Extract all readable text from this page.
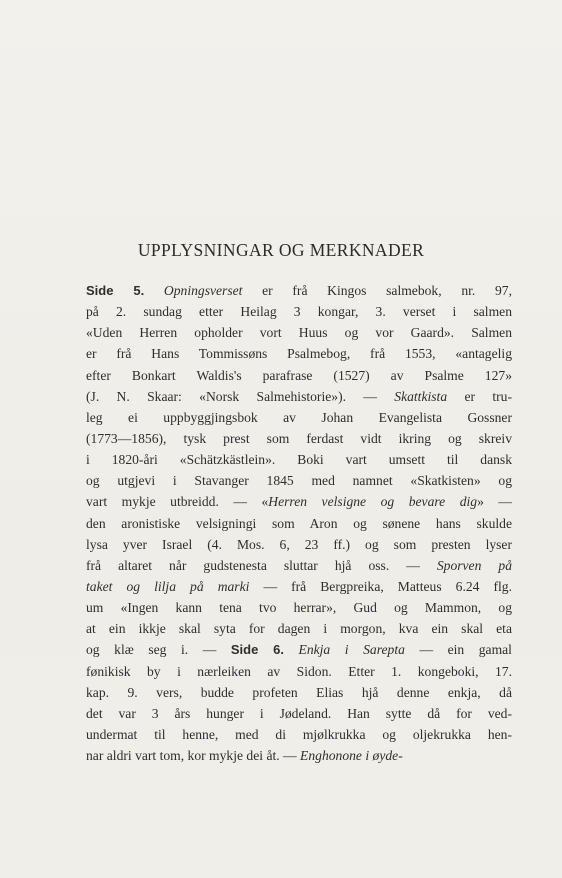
UPPLYSNINGAR OG MERKNADER
Side 5. Opningsverset er frå Kingos salmebok, nr. 97,
på 2. sundag etter Heilag 3 kongar, 3. verset i salmen
«Uden Herren opholder vort Huus og vor Gaard». Salmen
er frå Hans Tommissøns Psalmebog, frå 1553, «antagelig
efter Bonkart Waldis's parafrase (1527) av Psalme 127»
(J. N. Skaar: «Norsk Salmehistorie»). — Skattkista er tru-
leg ei uppbyggjingsbok av Johan Evangelista Gossner
(1773—1856), tysk prest som ferdast vidt ikring og skreiv
i 1820-åri «Schätzkästlein». Boki vart umsett til dansk
og utgjevi i Stavanger 1845 med namnet «Skatkisten» og
vart mykje utbreidd. — «Herren velsigne og bevare dig» —
den aronistiske velsigningi som Aron og sønene hans skulde
lysa yver Israel (4. Mos. 6, 23 ff.) og som presten lyser
frå altaret når gudstenesta sluttar hjå oss. — Sporven på
taket og lilja på marki — frå Bergpreika, Matteus 6.24 flg.
um «Ingen kann tena tvo herrar», Gud og Mammon, og
at ein ikkje skal syta for dagen i morgon, kva ein skal eta
og klæ seg i. — Side 6. Enkja i Sarepta — ein gamal
fønikisk by i nærleiken av Sidon. Etter 1. kongeboki, 17.
kap. 9. vers, budde profeten Elias hjå denne enkja, då
det var 3 års hunger i Jødeland. Han sytte då for ved-
undermat til henne, med di mjølkrukka og oljekrukka hen-
nar aldri vart tom, kor mykje dei åt. — Enghonone i øyde-
